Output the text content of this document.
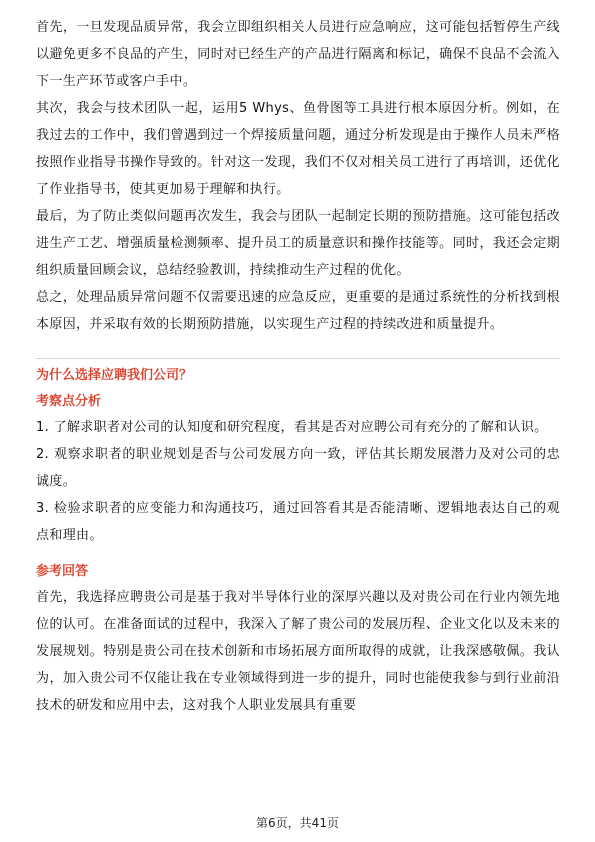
首先，一旦发现品质异常，我会立即组织相关人员进行应急响应，这可能包括暂停生产线以避免更多不良品的产生，同时对已经生产的产品进行隔离和标记，确保不良品不会流入下一生产环节或客户手中。

其次，我会与技术团队一起，运用5 Whys、鱼骨图等工具进行根本原因分析。例如，在我过去的工作中，我们曾遇到过一个焊接质量问题，通过分析发现是由于操作人员未严格按照作业指导书操作导致的。针对这一发现，我们不仅对相关员工进行了再培训，还优化了作业指导书，使其更加易于理解和执行。

最后，为了防止类似问题再次发生，我会与团队一起制定长期的预防措施。这可能包括改进生产工艺、增强质量检测频率、提升员工的质量意识和操作技能等。同时，我还会定期组织质量回顾会议，总结经验教训，持续推动生产过程的优化。

总之，处理品质异常问题不仅需要迅速的应急反应，更重要的是通过系统性的分析找到根本原因，并采取有效的长期预防措施，以实现生产过程的持续改进和质量提升。

为什么选择应聘我们公司？
考察点分析

1. 了解求职者对公司的认知度和研究程度，看其是否对应聘公司有充分的了解和认识。

2. 观察求职者的职业规划是否与公司发展方向一致，评估其长期发展潜力及对公司的忠诚度。

3. 检验求职者的应变能力和沟通技巧，通过回答看其是否能清晰、逻辑地表达自己的观点和理由。

参考回答

首先，我选择应聘贵公司是基于我对半导体行业的深厚兴趣以及对贵公司在行业内领先地位的认可。在准备面试的过程中，我深入了解了贵公司的发展历程、企业文化以及未来的发展规划。特别是贵公司在技术创新和市场拓展方面所取得的成就，让我深感敬佩。我认为，加入贵公司不仅能让我在专业领域得到进一步的提升，同时也能使我参与到行业前沿技术的研发和应用中去，这对我个人职业发展具有重要

第6页，共41页
